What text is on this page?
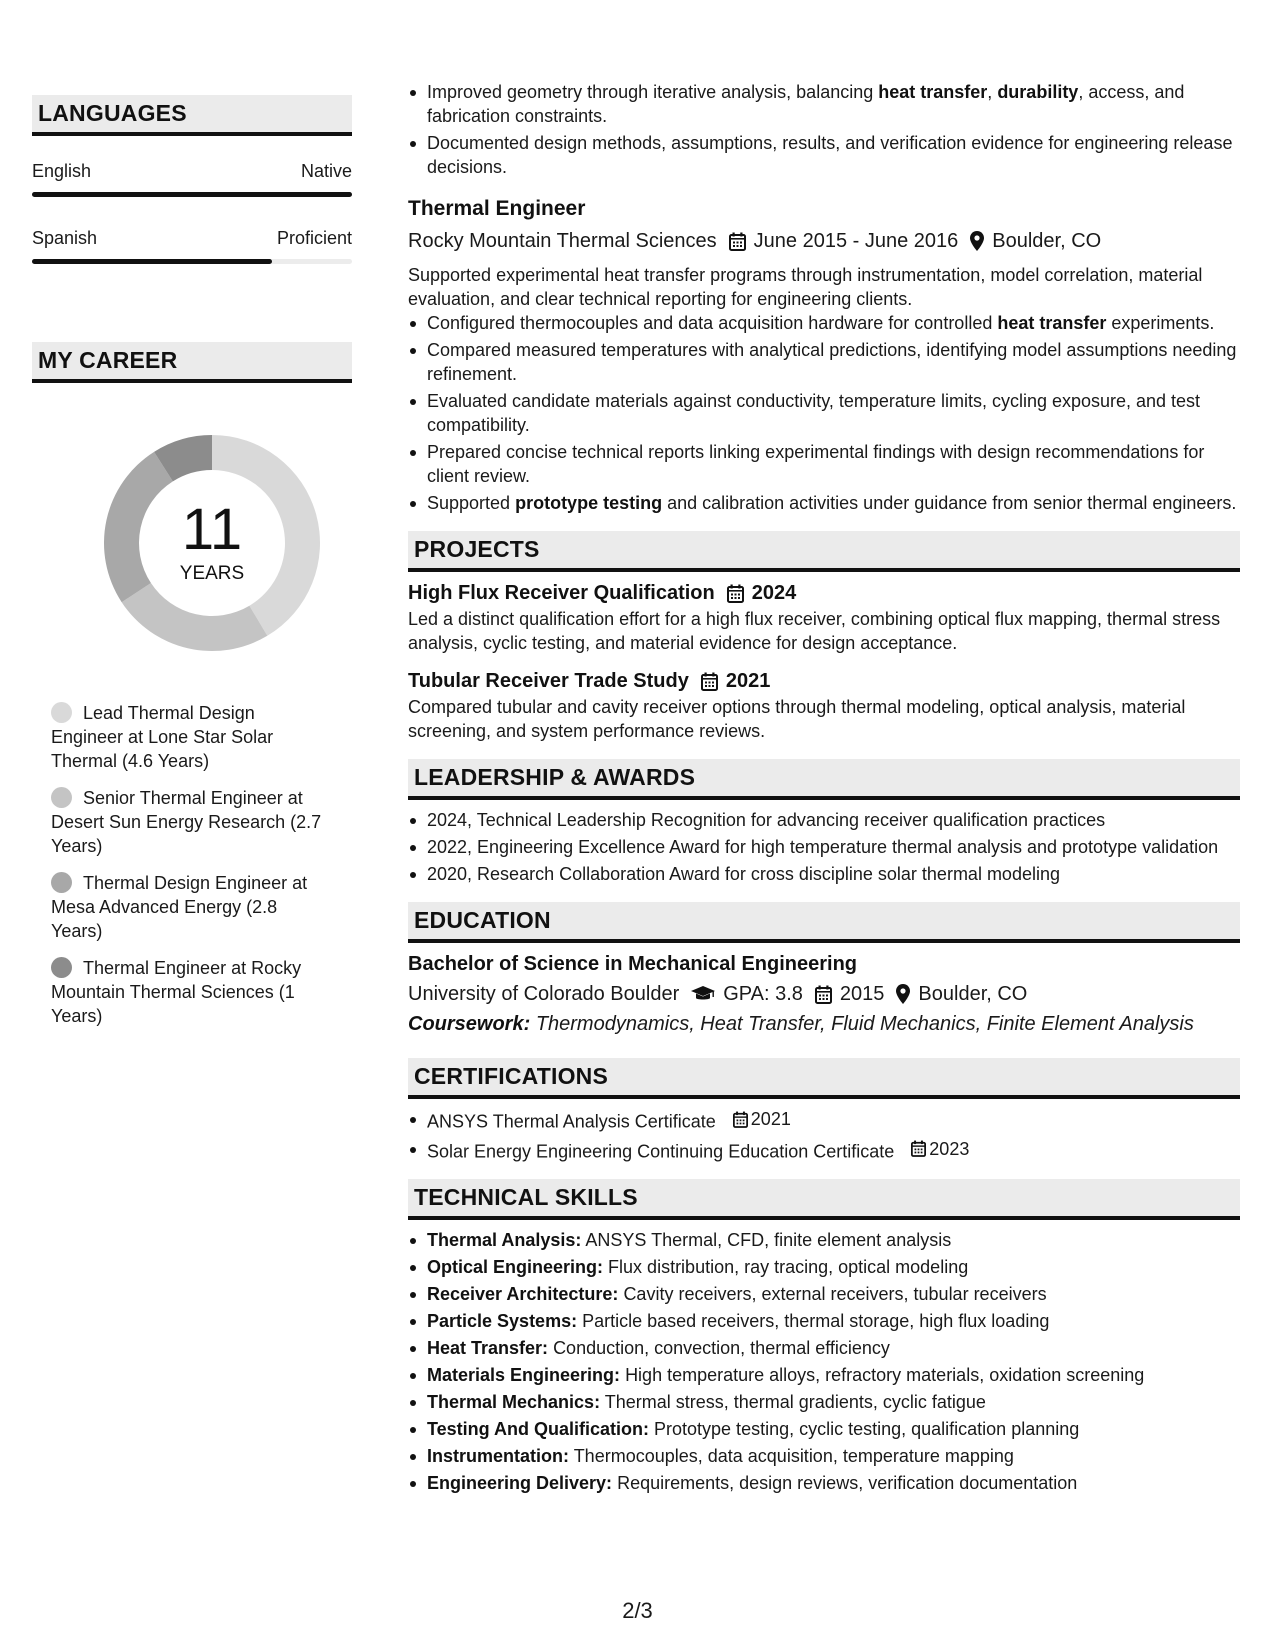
LANGUAGES
English	Native
Spanish	Proficient
MY CAREER
11
YEARS
Lead Thermal Design Engineer at Lone Star Solar Thermal (4.6 Years)
Senior Thermal Engineer at Desert Sun Energy Research (2.7 Years)
Thermal Design Engineer at Mesa Advanced Energy (2.8 Years)
Thermal Engineer at Rocky Mountain Thermal Sciences (1 Years)
Improved geometry through iterative analysis, balancing heat transfer, durability, access, and fabrication constraints.
Documented design methods, assumptions, results, and verification evidence for engineering release decisions.
Thermal Engineer
Rocky Mountain Thermal Sciences June 2015 - June 2016 Boulder, CO
Supported experimental heat transfer programs through instrumentation, model correlation, material evaluation, and clear technical reporting for engineering clients.
Configured thermocouples and data acquisition hardware for controlled heat transfer experiments.
Compared measured temperatures with analytical predictions, identifying model assumptions needing refinement.
Evaluated candidate materials against conductivity, temperature limits, cycling exposure, and test compatibility.
Prepared concise technical reports linking experimental findings with design recommendations for client review.
Supported prototype testing and calibration activities under guidance from senior thermal engineers.
PROJECTS
High Flux Receiver Qualification 2024
Led a distinct qualification effort for a high flux receiver, combining optical flux mapping, thermal stress analysis, cyclic testing, and material evidence for design acceptance.
Tubular Receiver Trade Study 2021
Compared tubular and cavity receiver options through thermal modeling, optical analysis, material screening, and system performance reviews.
LEADERSHIP & AWARDS
2024, Technical Leadership Recognition for advancing receiver qualification practices
2022, Engineering Excellence Award for high temperature thermal analysis and prototype validation
2020, Research Collaboration Award for cross discipline solar thermal modeling
EDUCATION
Bachelor of Science in Mechanical Engineering
University of Colorado Boulder GPA: 3.8 2015 Boulder, CO
Coursework: Thermodynamics, Heat Transfer, Fluid Mechanics, Finite Element Analysis
CERTIFICATIONS
ANSYS Thermal Analysis Certificate 2021
Solar Energy Engineering Continuing Education Certificate 2023
TECHNICAL SKILLS
Thermal Analysis: ANSYS Thermal, CFD, finite element analysis
Optical Engineering: Flux distribution, ray tracing, optical modeling
Receiver Architecture: Cavity receivers, external receivers, tubular receivers
Particle Systems: Particle based receivers, thermal storage, high flux loading
Heat Transfer: Conduction, convection, thermal efficiency
Materials Engineering: High temperature alloys, refractory materials, oxidation screening
Thermal Mechanics: Thermal stress, thermal gradients, cyclic fatigue
Testing And Qualification: Prototype testing, cyclic testing, qualification planning
Instrumentation: Thermocouples, data acquisition, temperature mapping
Engineering Delivery: Requirements, design reviews, verification documentation
2/3
